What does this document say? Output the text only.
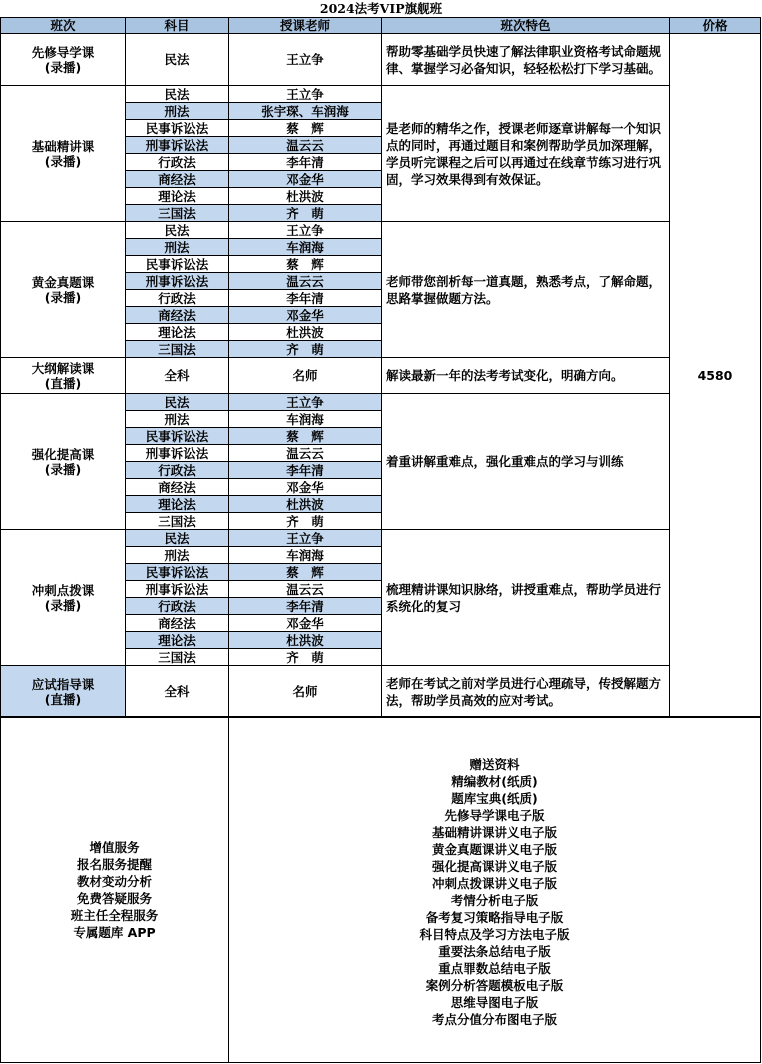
2024法考VIP旗舰班
班次	科目	授课老师	班次特色	价格

先修导学课
(录播)	民法	王立争	帮助零基础学员快速了解法律职业资格考试命题规律、掌握学习必备知识，轻轻松松打下学习基础。	4580

基础精讲课
(录播)	民法	王立争	是老师的精华之作，授课老师逐章讲解每一个知识点的同时，再通过题目和案例帮助学员加深理解，学员听完课程之后可以再通过在线章节练习进行巩固，学习效果得到有效保证。	
	刑法	张宇琛、车润海		
	民事诉讼法	蔡　辉		
	刑事诉讼法	温云云		
	行政法	李年清		
	商经法	邓金华		
	理论法	杜洪波		
	三国法	齐　萌		

黄金真题课
(录播)	民法	王立争	老师带您剖析每一道真题，熟悉考点，了解命题，思路掌握做题方法。	
	刑法	车润海		
	民事诉讼法	蔡　辉		
	刑事诉讼法	温云云		
	行政法	李年清		
	商经法	邓金华		
	理论法	杜洪波		
	三国法	齐　萌		

大纲解读课
(直播)	全科	名师	解读最新一年的法考考试变化，明确方向。	

强化提高课
(录播)	民法	王立争	着重讲解重难点，强化重难点的学习与训练	
	刑法	车润海		
	民事诉讼法	蔡　辉		
	刑事诉讼法	温云云		
	行政法	李年清		
	商经法	邓金华		
	理论法	杜洪波		
	三国法	齐　萌		

冲刺点拨课
(录播)	民法	王立争	梳理精讲课知识脉络，讲授重难点，帮助学员进行系统化的复习	
	刑法	车润海		
	民事诉讼法	蔡　辉		
	刑事诉讼法	温云云		
	行政法	李年清		
	商经法	邓金华		
	理论法	杜洪波		
	三国法	齐　萌		

应试指导课
(直播)	全科	名师	老师在考试之前对学员进行心理疏导，传授解题方法，帮助学员高效的应对考试。	
增值服务
报名服务提醒
教材变动分析
免费答疑服务
班主任全程服务
专属题库 APP

赠送资料
精编教材(纸质)
题库宝典(纸质)
先修导学课电子版
基础精讲课讲义电子版
黄金真题课讲义电子版
强化提高课讲义电子版
冲刺点拨课讲义电子版
考情分析电子版
备考复习策略指导电子版
科目特点及学习方法电子版
重要法条总结电子版
重点罪数总结电子版
案例分析答题模板电子版
思维导图电子版
考点分值分布图电子版
